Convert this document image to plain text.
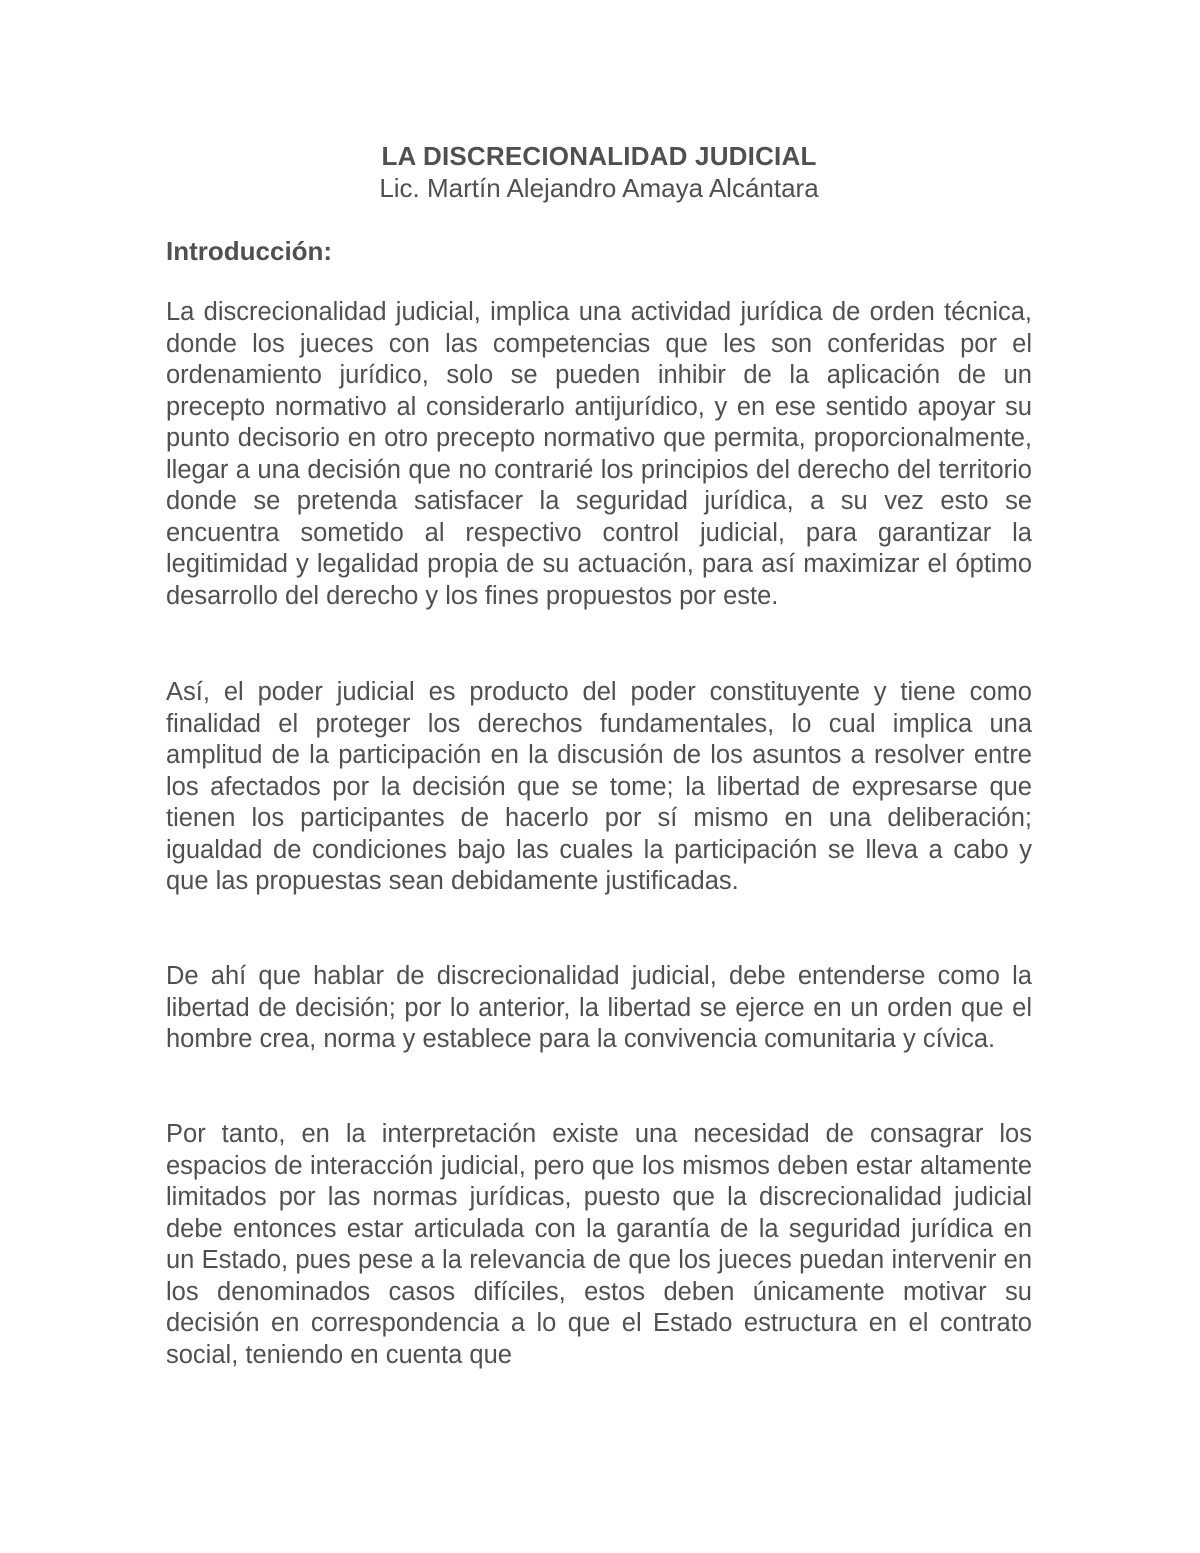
LA DISCRECIONALIDAD JUDICIAL
Lic. Martín Alejandro Amaya Alcántara
Introducción:

La discrecionalidad judicial, implica una actividad jurídica de orden técnica, donde los jueces con las competencias que les son conferidas por el ordenamiento jurídico, solo se pueden inhibir de la aplicación de un precepto normativo al considerarlo antijurídico, y en ese sentido apoyar su punto decisorio en otro precepto normativo que permita, proporcionalmente, llegar a una decisión que no contrarié los principios del derecho del territorio donde se pretenda satisfacer la seguridad jurídica, a su vez esto se encuentra sometido al respectivo control judicial, para garantizar la legitimidad y legalidad propia de su actuación, para así maximizar el óptimo desarrollo del derecho y los fines propuestos por este.

Así, el poder judicial es producto del poder constituyente y tiene como finalidad el proteger los derechos fundamentales, lo cual implica una amplitud de la participación en la discusión de los asuntos a resolver entre los afectados por la decisión que se tome; la libertad de expresarse que tienen los participantes de hacerlo por sí mismo en una deliberación; igualdad de condiciones bajo las cuales la participación se lleva a cabo y que las propuestas sean debidamente justificadas.

De ahí que hablar de discrecionalidad judicial, debe entenderse como la libertad de decisión; por lo anterior, la libertad se ejerce en un orden que el hombre crea, norma y establece para la convivencia comunitaria y cívica.

Por tanto, en la interpretación existe una necesidad de consagrar los espacios de interacción judicial, pero que los mismos deben estar altamente limitados por las normas jurídicas, puesto que la discrecionalidad judicial debe entonces estar articulada con la garantía de la seguridad jurídica en un Estado, pues pese a la relevancia de que los jueces puedan intervenir en los denominados casos difíciles, estos deben únicamente motivar su decisión en correspondencia a lo que el Estado estructura en el contrato social, teniendo en cuenta que
